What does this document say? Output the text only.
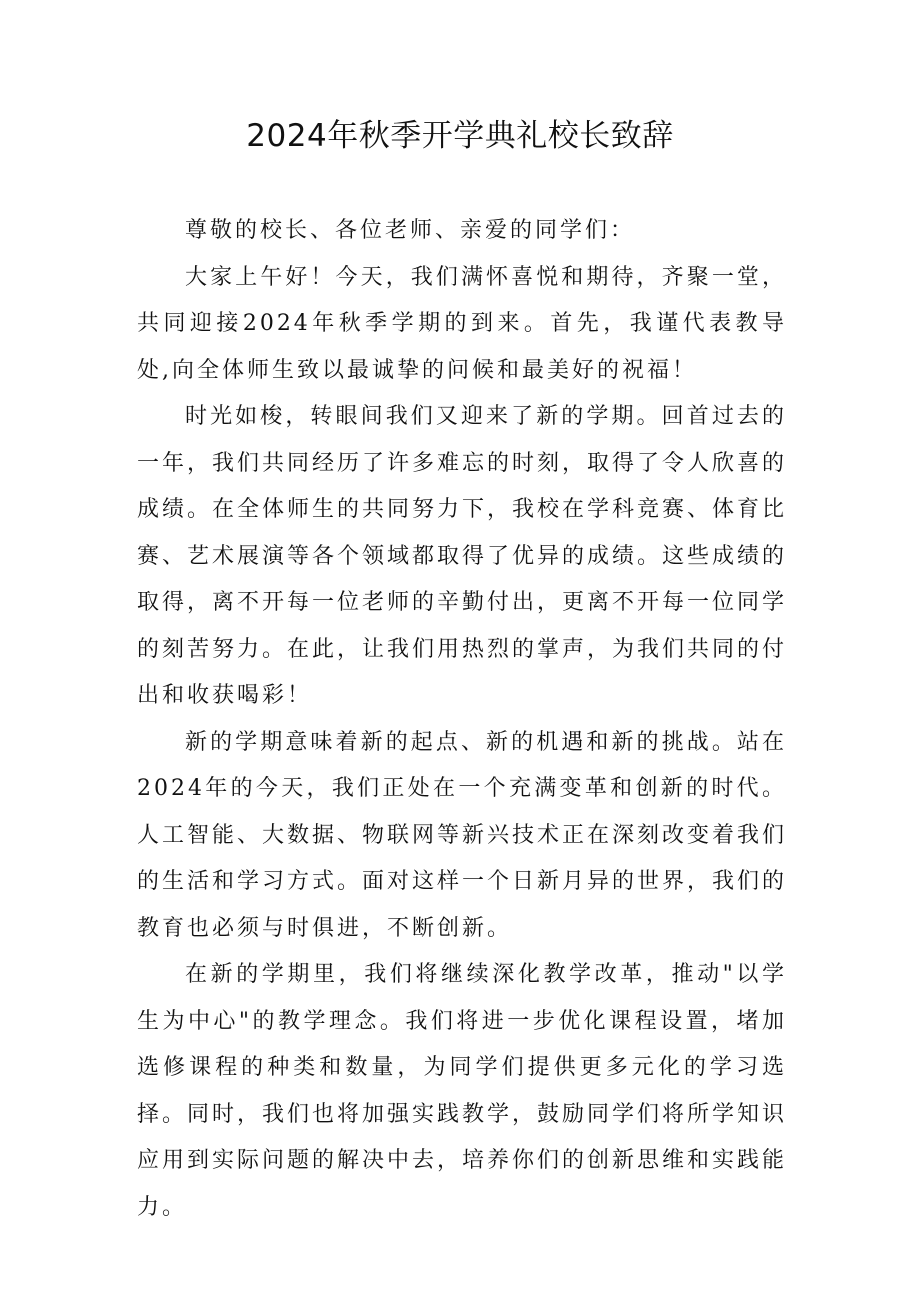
2024年秋季开学典礼校长致辞

尊敬的校长、各位老师、亲爱的同学们：

大家上午好！今天，我们满怀喜悦和期待，齐聚一堂，共同迎接2024年秋季学期的到来。首先，我谨代表教导处,向全体师生致以最诚挚的问候和最美好的祝福！

时光如梭，转眼间我们又迎来了新的学期。回首过去的一年，我们共同经历了许多难忘的时刻，取得了令人欣喜的成绩。在全体师生的共同努力下，我校在学科竞赛、体育比赛、艺术展演等各个领域都取得了优异的成绩。这些成绩的取得，离不开每一位老师的辛勤付出，更离不开每一位同学的刻苦努力。在此，让我们用热烈的掌声，为我们共同的付出和收获喝彩！

新的学期意味着新的起点、新的机遇和新的挑战。站在2024年的今天，我们正处在一个充满变革和创新的时代。人工智能、大数据、物联网等新兴技术正在深刻改变着我们的生活和学习方式。面对这样一个日新月异的世界，我们的教育也必须与时俱进，不断创新。

在新的学期里，我们将继续深化教学改革，推动"以学生为中心"的教学理念。我们将进一步优化课程设置，堵加选修课程的种类和数量，为同学们提供更多元化的学习选择。同时，我们也将加强实践教学，鼓励同学们将所学知识应用到实际问题的解决中去，培养你们的创新思维和实践能力。
